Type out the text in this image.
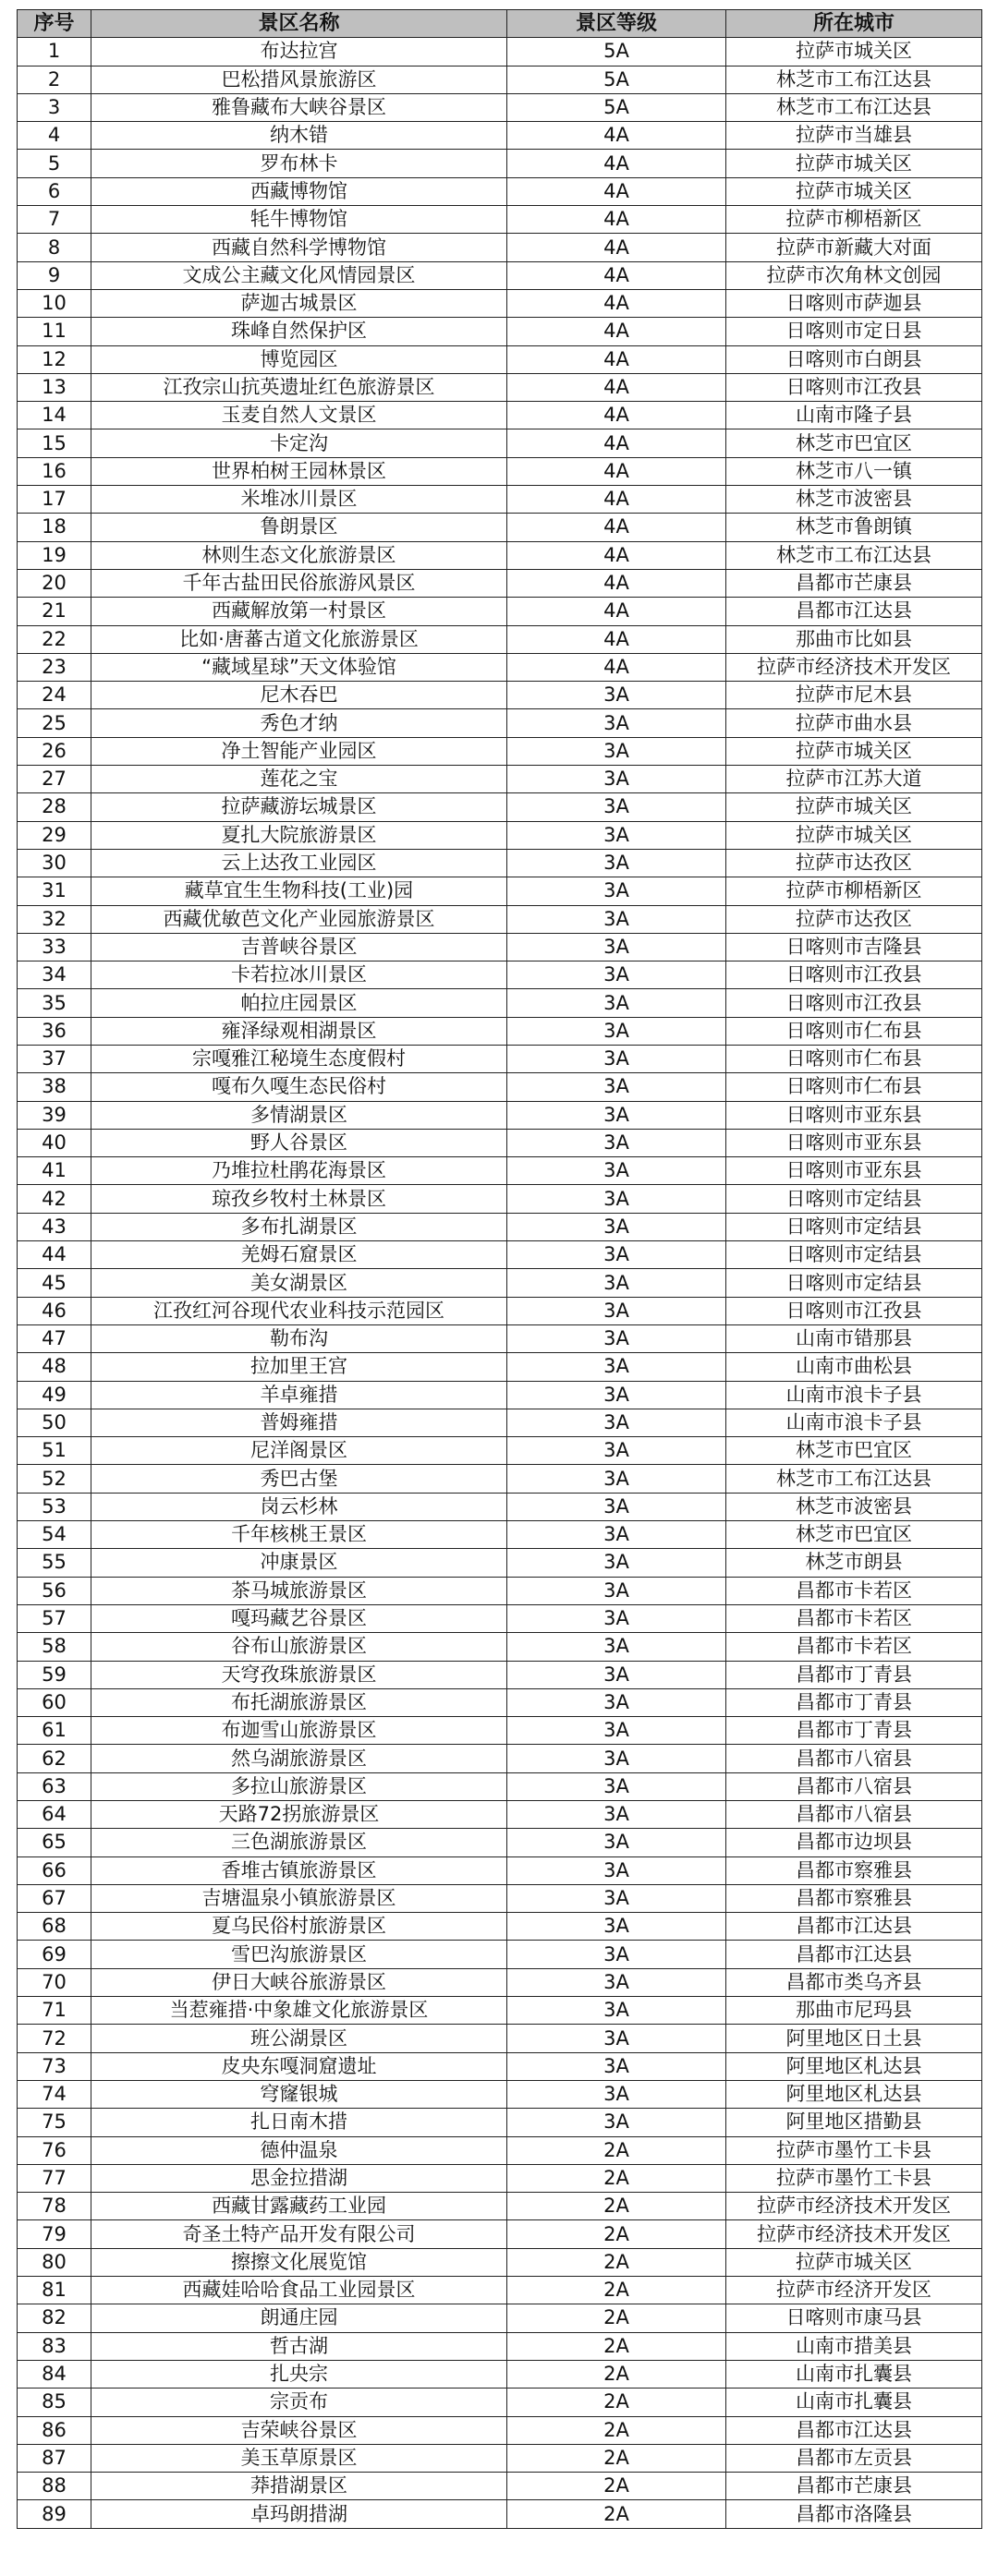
序号	景区名称	景区等级	所在城市
1	布达拉宫	5A	拉萨市城关区
2	巴松措风景旅游区	5A	林芝市工布江达县
3	雅鲁藏布大峡谷景区	5A	林芝市工布江达县
4	纳木错	4A	拉萨市当雄县
5	罗布林卡	4A	拉萨市城关区
6	西藏博物馆	4A	拉萨市城关区
7	牦牛博物馆	4A	拉萨市柳梧新区
8	西藏自然科学博物馆	4A	拉萨市新藏大对面
9	文成公主藏文化风情园景区	4A	拉萨市次角林文创园
10	萨迦古城景区	4A	日喀则市萨迦县
11	珠峰自然保护区	4A	日喀则市定日县
12	博览园区	4A	日喀则市白朗县
13	江孜宗山抗英遗址红色旅游景区	4A	日喀则市江孜县
14	玉麦自然人文景区	4A	山南市隆子县
15	卡定沟	4A	林芝市巴宜区
16	世界柏树王园林景区	4A	林芝市八一镇
17	米堆冰川景区	4A	林芝市波密县
18	鲁朗景区	4A	林芝市鲁朗镇
19	林则生态文化旅游景区	4A	林芝市工布江达县
20	千年古盐田民俗旅游风景区	4A	昌都市芒康县
21	西藏解放第一村景区	4A	昌都市江达县
22	比如·唐蕃古道文化旅游景区	4A	那曲市比如县
23	“藏域星球”天文体验馆	4A	拉萨市经济技术开发区
24	尼木吞巴	3A	拉萨市尼木县
25	秀色才纳	3A	拉萨市曲水县
26	净土智能产业园区	3A	拉萨市城关区
27	莲花之宝	3A	拉萨市江苏大道
28	拉萨藏游坛城景区	3A	拉萨市城关区
29	夏扎大院旅游景区	3A	拉萨市城关区
30	云上达孜工业园区	3A	拉萨市达孜区
31	藏草宜生生物科技(工业)园	3A	拉萨市柳梧新区
32	西藏优敏芭文化产业园旅游景区	3A	拉萨市达孜区
33	吉普峡谷景区	3A	日喀则市吉隆县
34	卡若拉冰川景区	3A	日喀则市江孜县
35	帕拉庄园景区	3A	日喀则市江孜县
36	雍泽绿观相湖景区	3A	日喀则市仁布县
37	宗嘎雅江秘境生态度假村	3A	日喀则市仁布县
38	嘎布久嘎生态民俗村	3A	日喀则市仁布县
39	多情湖景区	3A	日喀则市亚东县
40	野人谷景区	3A	日喀则市亚东县
41	乃堆拉杜鹃花海景区	3A	日喀则市亚东县
42	琼孜乡牧村土林景区	3A	日喀则市定结县
43	多布扎湖景区	3A	日喀则市定结县
44	羌姆石窟景区	3A	日喀则市定结县
45	美女湖景区	3A	日喀则市定结县
46	江孜红河谷现代农业科技示范园区	3A	日喀则市江孜县
47	勒布沟	3A	山南市错那县
48	拉加里王宫	3A	山南市曲松县
49	羊卓雍措	3A	山南市浪卡子县
50	普姆雍措	3A	山南市浪卡子县
51	尼洋阁景区	3A	林芝市巴宜区
52	秀巴古堡	3A	林芝市工布江达县
53	岗云杉林	3A	林芝市波密县
54	千年核桃王景区	3A	林芝市巴宜区
55	冲康景区	3A	林芝市朗县
56	茶马城旅游景区	3A	昌都市卡若区
57	嘎玛藏艺谷景区	3A	昌都市卡若区
58	谷布山旅游景区	3A	昌都市卡若区
59	天穹孜珠旅游景区	3A	昌都市丁青县
60	布托湖旅游景区	3A	昌都市丁青县
61	布迦雪山旅游景区	3A	昌都市丁青县
62	然乌湖旅游景区	3A	昌都市八宿县
63	多拉山旅游景区	3A	昌都市八宿县
64	天路72拐旅游景区	3A	昌都市八宿县
65	三色湖旅游景区	3A	昌都市边坝县
66	香堆古镇旅游景区	3A	昌都市察雅县
67	吉塘温泉小镇旅游景区	3A	昌都市察雅县
68	夏乌民俗村旅游景区	3A	昌都市江达县
69	雪巴沟旅游景区	3A	昌都市江达县
70	伊日大峡谷旅游景区	3A	昌都市类乌齐县
71	当惹雍措·中象雄文化旅游景区	3A	那曲市尼玛县
72	班公湖景区	3A	阿里地区日土县
73	皮央东嘎洞窟遗址	3A	阿里地区札达县
74	穹窿银城	3A	阿里地区札达县
75	扎日南木措	3A	阿里地区措勤县
76	德仲温泉	2A	拉萨市墨竹工卡县
77	思金拉措湖	2A	拉萨市墨竹工卡县
78	西藏甘露藏药工业园	2A	拉萨市经济技术开发区
79	奇圣土特产品开发有限公司	2A	拉萨市经济技术开发区
80	擦擦文化展览馆	2A	拉萨市城关区
81	西藏娃哈哈食品工业园景区	2A	拉萨市经济开发区
82	朗通庄园	2A	日喀则市康马县
83	哲古湖	2A	山南市措美县
84	扎央宗	2A	山南市扎囊县
85	宗贡布	2A	山南市扎囊县
86	吉荣峡谷景区	2A	昌都市江达县
87	美玉草原景区	2A	昌都市左贡县
88	莽措湖景区	2A	昌都市芒康县
89	卓玛朗措湖	2A	昌都市洛隆县
